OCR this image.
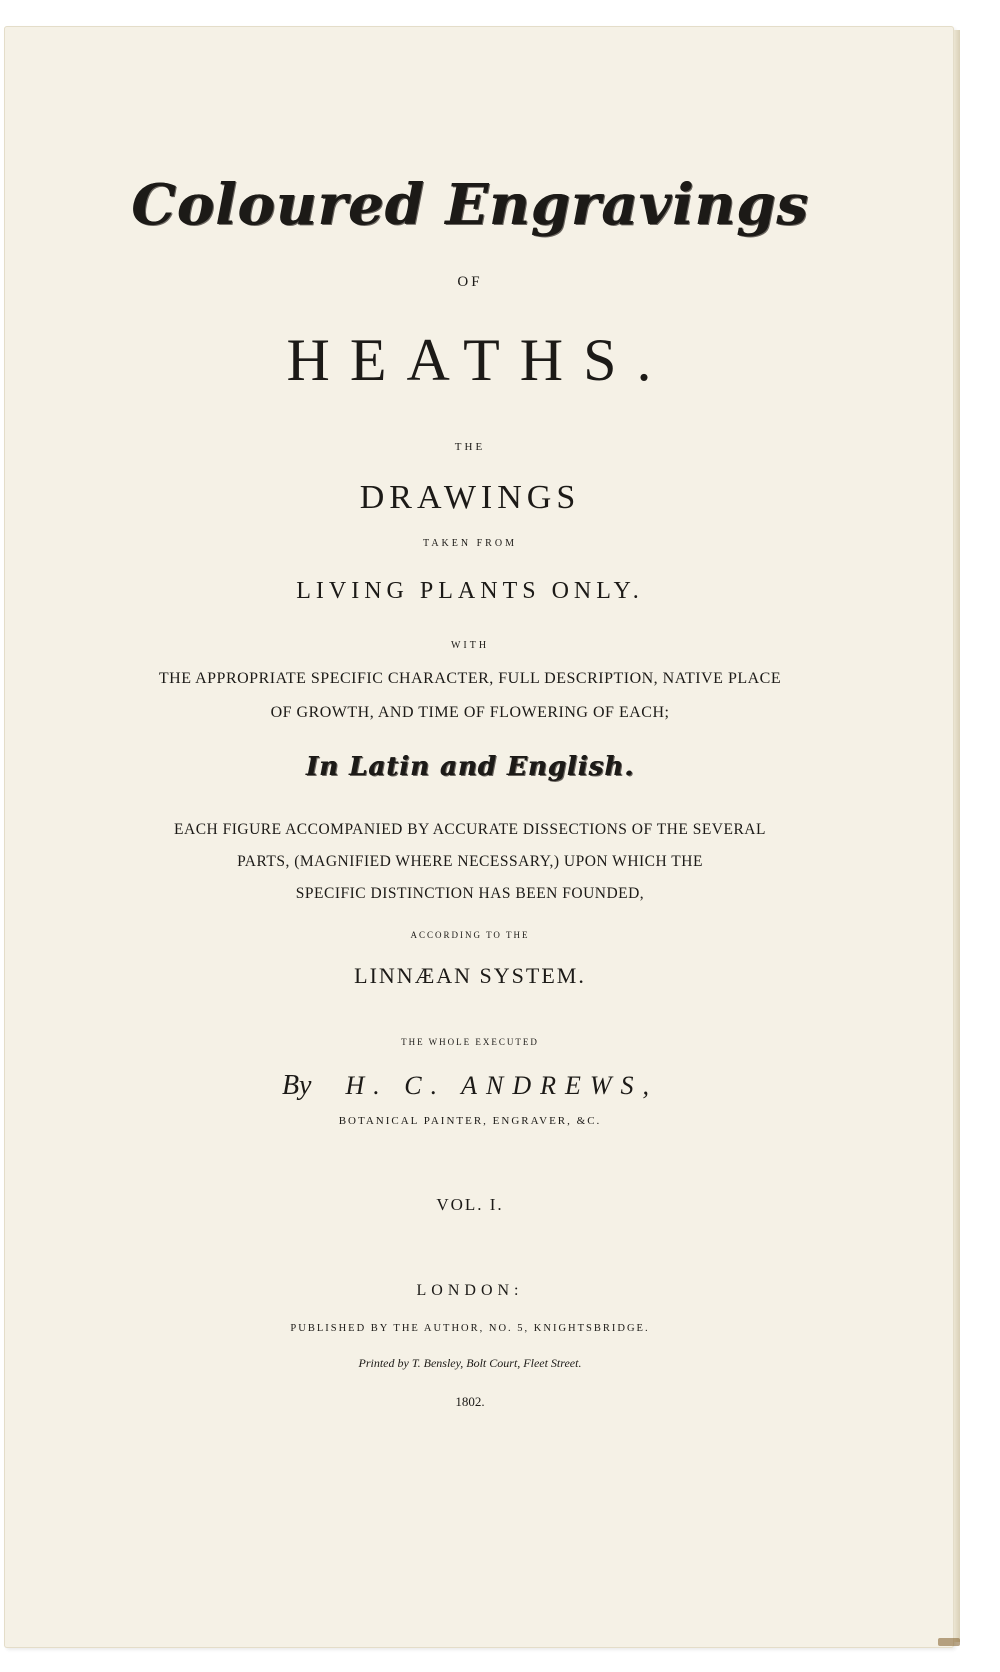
Coloured Engravings
OF
HEATHS.
THE
DRAWINGS
TAKEN FROM
LIVING PLANTS ONLY.
WITH
THE APPROPRIATE SPECIFIC CHARACTER, FULL DESCRIPTION, NATIVE PLACE
OF GROWTH, AND TIME OF FLOWERING OF EACH;
In Latin and English.
EACH FIGURE ACCOMPANIED BY ACCURATE DISSECTIONS OF THE SEVERAL
PARTS, (MAGNIFIED WHERE NECESSARY,) UPON WHICH THE
SPECIFIC DISTINCTION HAS BEEN FOUNDED,
ACCORDING TO THE
LINNÆAN SYSTEM.
THE WHOLE EXECUTED
By H. C. ANDREWS,
BOTANICAL PAINTER, ENGRAVER, &C.
VOL. I.
LONDON:
PUBLISHED BY THE AUTHOR, NO. 5, KNIGHTSBRIDGE.
Printed by T. Bensley, Bolt Court, Fleet Street.
1802.
